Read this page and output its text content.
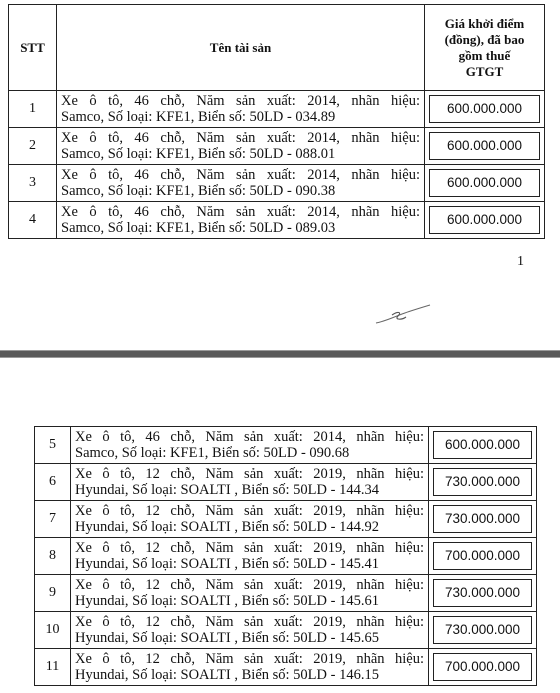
STT	Tên tài sản	Giá khởi điểm
(đồng), đã bao
gồm thuế
GTGT

1	Xe ô tô, 46 chỗ, Năm sản xuất: 2014, nhãn hiệu:
Samco, Số loại: KFE1, Biển số: 50LD - 034.89	600.000.000

2	Xe ô tô, 46 chỗ, Năm sản xuất: 2014, nhãn hiệu:
Samco, Số loại: KFE1, Biển số: 50LD - 088.01	600.000.000

3	Xe ô tô, 46 chỗ, Năm sản xuất: 2014, nhãn hiệu:
Samco, Số loại: KFE1, Biển số: 50LD - 090.38	600.000.000

4	Xe ô tô, 46 chỗ, Năm sản xuất: 2014, nhãn hiệu:
Samco, Số loại: KFE1, Biển số: 50LD - 089.03	600.000.000
1
5	Xe ô tô, 46 chỗ, Năm sản xuất: 2014, nhãn hiệu:
Samco, Số loại: KFE1, Biển số: 50LD - 090.68	600.000.000

6	Xe ô tô, 12 chỗ, Năm sản xuất: 2019, nhãn hiệu:
Hyundai, Số loại: SOALTI , Biển số: 50LD - 144.34	730.000.000

7	Xe ô tô, 12 chỗ, Năm sản xuất: 2019, nhãn hiệu:
Hyundai, Số loại: SOALTI , Biển số: 50LD - 144.92	730.000.000

8	Xe ô tô, 12 chỗ, Năm sản xuất: 2019, nhãn hiệu:
Hyundai, Số loại: SOALTI , Biển số: 50LD - 145.41	700.000.000

9	Xe ô tô, 12 chỗ, Năm sản xuất: 2019, nhãn hiệu:
Hyundai, Số loại: SOALTI , Biển số: 50LD - 145.61	730.000.000

10	Xe ô tô, 12 chỗ, Năm sản xuất: 2019, nhãn hiệu:
Hyundai, Số loại: SOALTI , Biển số: 50LD - 145.65	730.000.000

11	Xe ô tô, 12 chỗ, Năm sản xuất: 2019, nhãn hiệu:
Hyundai, Số loại: SOALTI , Biển số: 50LD - 146.15	700.000.000
